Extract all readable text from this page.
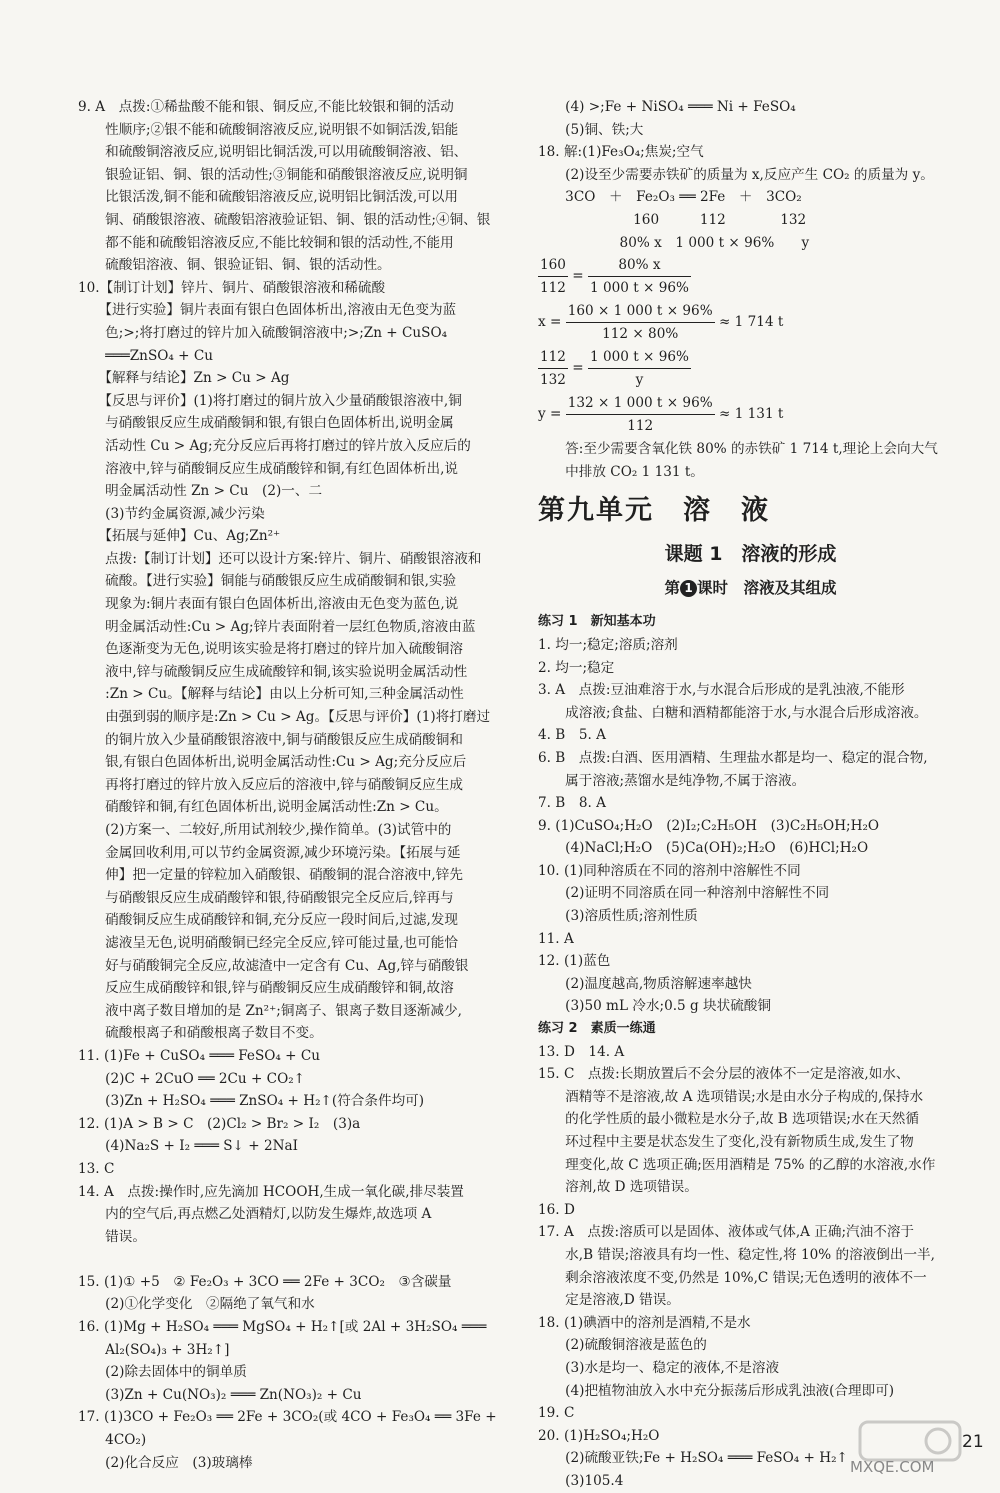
9. A　点拨:①稀盐酸不能和银、铜反应,不能比较银和铜的活动
　　性顺序;②银不能和硫酸铜溶液反应,说明银不如铜活泼,铝能
　　和硫酸铜溶液反应,说明铝比铜活泼,可以用硫酸铜溶液、铝、
　　银验证铝、铜、银的活动性;③铜能和硝酸银溶液反应,说明铜
　　比银活泼,铜不能和硫酸铝溶液反应,说明铝比铜活泼,可以用
　　铜、硝酸银溶液、硫酸铝溶液验证铝、铜、银的活动性;④铜、银
　　都不能和硫酸铝溶液反应,不能比较铜和银的活动性,不能用
　　硫酸铝溶液、铜、银验证铝、铜、银的活动性。
10.【制订计划】锌片、铜片、硝酸银溶液和稀硫酸
　　【进行实验】铜片表面有银白色固体析出,溶液由无色变为蓝
　　色;>;将打磨过的锌片加入硫酸铜溶液中;>;Zn + CuSO₄
　　═══ZnSO₄ + Cu
　　【解释与结论】Zn > Cu > Ag
　　【反思与评价】(1)将打磨过的铜片放入少量硝酸银溶液中,铜
　　与硝酸银反应生成硝酸铜和银,有银白色固体析出,说明金属
　　活动性 Cu > Ag;充分反应后再将打磨过的锌片放入反应后的
　　溶液中,锌与硝酸铜反应生成硝酸锌和铜,有红色固体析出,说
　　明金属活动性 Zn > Cu　(2)一、二
　　(3)节约金属资源,减少污染
　　【拓展与延伸】Cu、Ag;Zn²⁺
　　点拨:【制订计划】还可以设计方案:锌片、铜片、硝酸银溶液和
　　硫酸。【进行实验】铜能与硝酸银反应生成硝酸铜和银,实验
　　现象为:铜片表面有银白色固体析出,溶液由无色变为蓝色,说
　　明金属活动性:Cu > Ag;锌片表面附着一层红色物质,溶液由蓝
　　色逐渐变为无色,说明该实验是将打磨过的锌片加入硫酸铜溶
　　液中,锌与硫酸铜反应生成硫酸锌和铜,该实验说明金属活动性
　　:Zn > Cu。【解释与结论】由以上分析可知,三种金属活动性
　　由强到弱的顺序是:Zn > Cu > Ag。【反思与评价】(1)将打磨过
　　的铜片放入少量硝酸银溶液中,铜与硝酸银反应生成硝酸铜和
　　银,有银白色固体析出,说明金属活动性:Cu > Ag;充分反应后
　　再将打磨过的锌片放入反应后的溶液中,锌与硝酸铜反应生成
　　硝酸锌和铜,有红色固体析出,说明金属活动性:Zn > Cu。
　　(2)方案一、二较好,所用试剂较少,操作简单。(3)试管中的
　　金属回收利用,可以节约金属资源,减少环境污染。【拓展与延
　　伸】把一定量的锌粒加入硝酸银、硝酸铜的混合溶液中,锌先
　　与硝酸银反应生成硝酸锌和银,待硝酸银完全反应后,锌再与
　　硝酸铜反应生成硝酸锌和铜,充分反应一段时间后,过滤,发现
　　滤液呈无色,说明硝酸铜已经完全反应,锌可能过量,也可能恰
　　好与硝酸铜完全反应,故滤渣中一定含有 Cu、Ag,锌与硝酸银
　　反应生成硝酸锌和银,锌与硝酸铜反应生成硝酸锌和铜,故溶
　　液中离子数目增加的是 Zn²⁺;铜离子、银离子数目逐渐减少,
　　硫酸根离子和硝酸根离子数目不变。
11. (1)Fe + CuSO₄ ═══ FeSO₄ + Cu
　　(2)C + 2CuO ══ 2Cu + CO₂↑
　　(3)Zn + H₂SO₄ ═══ ZnSO₄ + H₂↑(符合条件均可)
12. (1)A > B > C　(2)Cl₂ > Br₂ > I₂　(3)a
　　(4)Na₂S + I₂ ═══ S↓ + 2NaI
13. C
14. A　点拨:操作时,应先滴加 HCOOH,生成一氧化碳,排尽装置
　　内的空气后,再点燃乙处酒精灯,以防发生爆炸,故选项 A
　　错误。
15. (1)① +5　② Fe₂O₃ + 3CO ══ 2Fe + 3CO₂　③含碳量
　　(2)①化学变化　②隔绝了氧气和水
16. (1)Mg + H₂SO₄ ═══ MgSO₄ + H₂↑[或 2Al + 3H₂SO₄ ═══
　　Al₂(SO₄)₃ + 3H₂↑]
　　(2)除去固体中的铜单质
　　(3)Zn + Cu(NO₃)₂ ═══ Zn(NO₃)₂ + Cu
17. (1)3CO + Fe₂O₃ ══ 2Fe + 3CO₂(或 4CO + Fe₃O₄ ══ 3Fe +
　　4CO₂)
　　(2)化合反应　(3)玻璃棒
　　(4) >;Fe + NiSO₄ ═══ Ni + FeSO₄
　　(5)铜、铁;大
18. 解:(1)Fe₃O₄;焦炭;空气
　　(2)设至少需要赤铁矿的质量为 x,反应产生 CO₂ 的质量为 y。
　　3CO　＋　Fe₂O₃ ══ 2Fe　＋　3CO₂
　　　　　　　160　　　112　　　　132
　　　　　　80% x　1 000 t × 96%　　y
160
112
=
80% x
1 000 t × 96%
x =
160 × 1 000 t × 96%
112 × 80%
≈ 1 714 t
112
132
=
1 000 t × 96%
y
y =
132 × 1 000 t × 96%
112
≈ 1 131 t
　　答:至少需要含氧化铁 80% 的赤铁矿 1 714 t,理论上会向大气
　　中排放 CO₂ 1 131 t。
第九单元　溶　液
课题 1　溶液的形成
第 1 课时　溶液及其组成
练习 1　新知基本功
1. 均一;稳定;溶质;溶剂
2. 均一;稳定
3. A　点拨:豆油难溶于水,与水混合后形成的是乳浊液,不能形
　　成溶液;食盐、白糖和酒精都能溶于水,与水混合后形成溶液。
4. B　5. A
6. B　点拨:白酒、医用酒精、生理盐水都是均一、稳定的混合物,
　　属于溶液;蒸馏水是纯净物,不属于溶液。
7. B　8. A
9. (1)CuSO₄;H₂O　(2)I₂;C₂H₅OH　(3)C₂H₅OH;H₂O
　　(4)NaCl;H₂O　(5)Ca(OH)₂;H₂O　(6)HCl;H₂O
10. (1)同种溶质在不同的溶剂中溶解性不同
　　(2)证明不同溶质在同一种溶剂中溶解性不同
　　(3)溶质性质;溶剂性质
11. A
12. (1)蓝色
　　(2)温度越高,物质溶解速率越快
　　(3)50 mL 冷水;0.5 g 块状硫酸铜
练习 2　素质一练通
13. D　14. A
15. C　点拨:长期放置后不会分层的液体不一定是溶液,如水、
　　酒精等不是溶液,故 A 选项错误;水是由水分子构成的,保持水
　　的化学性质的最小微粒是水分子,故 B 选项错误;水在天然循
　　环过程中主要是状态发生了变化,没有新物质生成,发生了物
　　理变化,故 C 选项正确;医用酒精是 75% 的乙醇的水溶液,水作
　　溶剂,故 D 选项错误。
16. D
17. A　点拨:溶质可以是固体、液体或气体,A 正确;汽油不溶于
　　水,B 错误;溶液具有均一性、稳定性,将 10% 的溶液倒出一半,
　　剩余溶液浓度不变,仍然是 10%,C 错误;无色透明的液体不一
　　定是溶液,D 错误。
18. (1)碘酒中的溶剂是酒精,不是水
　　(2)硫酸铜溶液是蓝色的
　　(3)水是均一、稳定的液体,不是溶液
　　(4)把植物油放入水中充分振荡后形成乳浊液(合理即可)
19. C
20. (1)H₂SO₄;H₂O
　　(2)硫酸亚铁;Fe + H₂SO₄ ═══ FeSO₄ + H₂↑
　　(3)105.4
MXQE.COM
21
